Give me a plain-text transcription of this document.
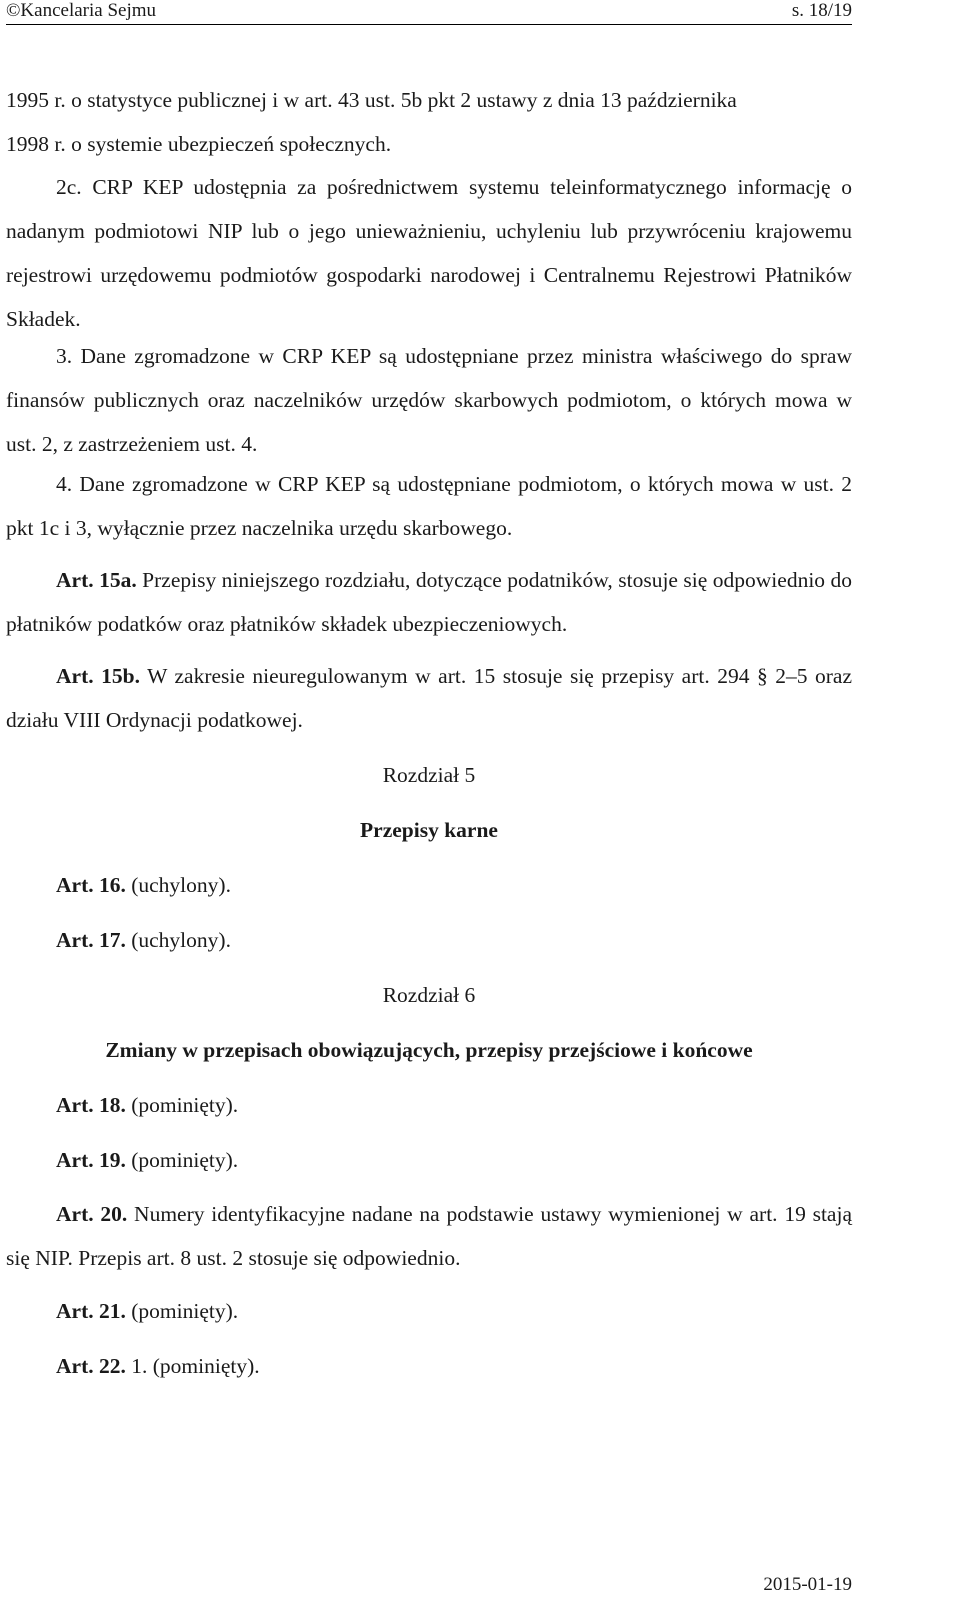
©Kancelaria Sejmu	s. 18/19
1995 r. o statystyce publicznej i w art. 43 ust. 5b pkt 2 ustawy z dnia 13 października
1998 r. o systemie ubezpieczeń społecznych.

2c. CRP KEP udostępnia za pośrednictwem systemu teleinformatycznego informację o nadanym podmiotowi NIP lub o jego unieważnieniu, uchyleniu lub przywróceniu krajowemu rejestrowi urzędowemu podmiotów gospodarki narodowej i Centralnemu Rejestrowi Płatników Składek.

3. Dane zgromadzone w CRP KEP są udostępniane przez ministra właściwego do spraw finansów publicznych oraz naczelników urzędów skarbowych podmiotom, o których mowa w ust. 2, z zastrzeżeniem ust. 4.

4. Dane zgromadzone w CRP KEP są udostępniane podmiotom, o których mowa w ust. 2 pkt 1c i 3, wyłącznie przez naczelnika urzędu skarbowego.

Art. 15a. Przepisy niniejszego rozdziału, dotyczące podatników, stosuje się odpowiednio do płatników podatków oraz płatników składek ubezpieczeniowych.

Art. 15b. W zakresie nieuregulowanym w art. 15 stosuje się przepisy art. 294 § 2–5 oraz działu VIII Ordynacji podatkowej.

Rozdział 5
Przepisy karne
Art. 16. (uchylony).
Art. 17. (uchylony).
Rozdział 6
Zmiany w przepisach obowiązujących, przepisy przejściowe i końcowe
Art. 18. (pominięty).
Art. 19. (pominięty).

Art. 20. Numery identyfikacyjne nadane na podstawie ustawy wymienionej w art. 19 stają się NIP. Przepis art. 8 ust. 2 stosuje się odpowiednio.

Art. 21. (pominięty).
Art. 22. 1. (pominięty).
2015-01-19
